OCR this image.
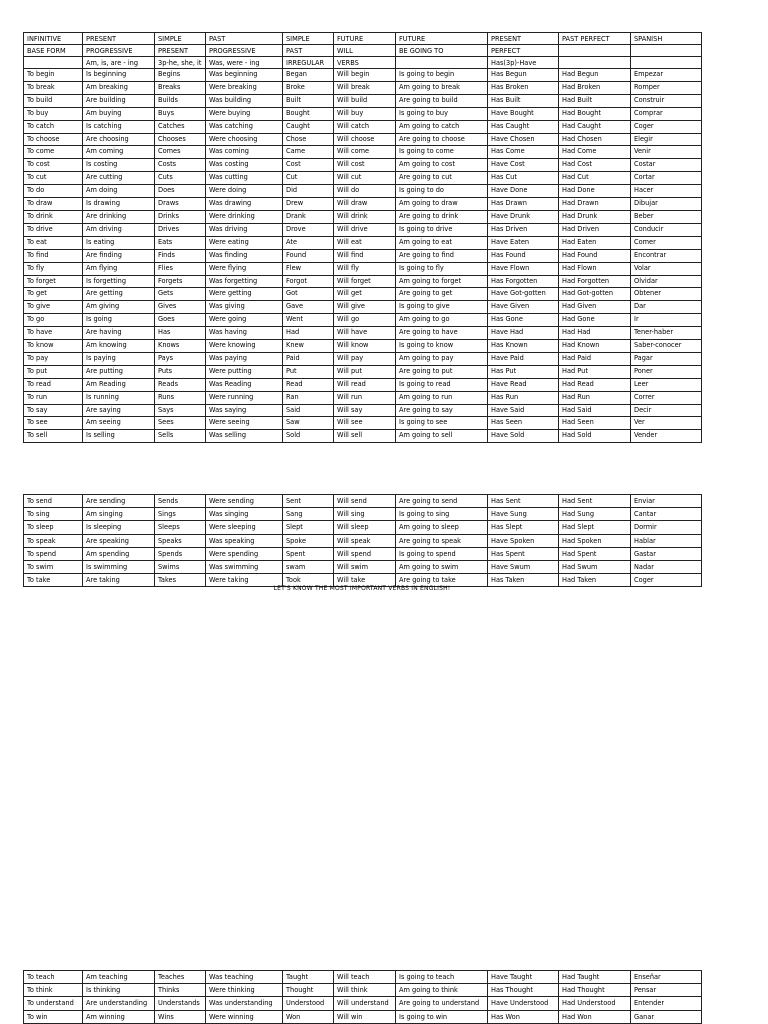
INFINITIVE	PRESENT	SIMPLE	PAST	SIMPLE	FUTURE	FUTURE	PRESENT	PAST PERFECT	SPANISH
BASE FORM	PROGRESSIVE	PRESENT	PROGRESSIVE	PAST	WILL	BE GOING TO	PERFECT		
	Am, is, are - ing	3p-he, she, it	Was, were - ing	IRREGULAR	VERBS		Has(3p)-Have		
To begin	Is beginning	Begins	Was beginning	Began	Will begin	Is going to begin	Has Begun	Had Begun	Empezar
To break	Am breaking	Breaks	Were breaking	Broke	Will break	Am going to break	Has Broken	Had Broken	Romper
To build	Are building	Builds	Was building	Built	Will build	Are going to build	Has Built	Had Built	Construir
To buy	Am buying	Buys	Were buying	Bought	Will buy	Is going to buy	Have Bought	Had Bought	Comprar
To catch	Is catching	Catches	Was catching	Caught	Will catch	Am going to catch	Has Caught	Had Caught	Coger
To choose	Are choosing	Chooses	Were choosing	Chose	Will choose	Are going to choose	Have Chosen	Had Chosen	Elegir
To come	Am coming	Comes	Was coming	Came	Will come	Is going to come	Has Come	Had Come	Venir
To cost	Is costing	Costs	Was costing	Cost	Will cost	Am going to cost	Have Cost	Had Cost	Costar
To cut	Are cutting	Cuts	Was cutting	Cut	Will cut	Are going to cut	Has Cut	Had Cut	Cortar
To do	Am doing	Does	Were doing	Did	Will do	Is going to do	Have Done	Had Done	Hacer
To draw	Is drawing	Draws	Was drawing	Drew	Will draw	Am going to draw	Has Drawn	Had Drawn	Dibujar
To drink	Are drinking	Drinks	Were drinking	Drank	Will drink	Are going to drink	Have Drunk	Had Drunk	Beber
To drive	Am driving	Drives	Was driving	Drove	Will drive	Is going to drive	Has Driven	Had Driven	Conducir
To eat	Is eating	Eats	Were eating	Ate	Will eat	Am going to eat	Have Eaten	Had Eaten	Comer
To find	Are finding	Finds	Was finding	Found	Will find	Are going to find	Has Found	Had Found	Encontrar
To fly	Am flying	Flies	Were flying	Flew	Will fly	Is going to fly	Have Flown	Had Flown	Volar
To forget	Is forgetting	Forgets	Was forgetting	Forgot	Will forget	Am going to forget	Has Forgotten	Had Forgotten	Olvidar
To get	Are getting	Gets	Were getting	Got	Will get	Are going to get	Have Got-gotten	Had Got-gotten	Obtener
To give	Am giving	Gives	Was giving	Gave	Will give	Is going to give	Have Given	Had Given	Dar
To go	Is going	Goes	Were going	Went	Will go	Am going to go	Has Gone	Had Gone	Ir
To have	Are having	Has	Was having	Had	Will have	Are going to have	Have Had	Had Had	Tener-haber
To know	Am knowing	Knows	Were knowing	Knew	Will know	Is going to know	Has Known	Had Known	Saber-conocer
To pay	Is paying	Pays	Was paying	Paid	Will pay	Am going to pay	Have Paid	Had Paid	Pagar
To put	Are putting	Puts	Were putting	Put	Will put	Are going to put	Has Put	Had Put	Poner
To read	Am Reading	Reads	Was Reading	Read	Will read	Is going to read	Have Read	Had Read	Leer
To run	Is running	Runs	Were running	Ran	Will run	Am going to run	Has Run	Had Run	Correr
To say	Are saying	Says	Was saying	Said	Will say	Are going to say	Have Said	Had Said	Decir
To see	Am seeing	Sees	Were seeing	Saw	Will see	Is going to see	Has Seen	Had Seen	Ver
To sell	Is selling	Sells	Was selling	Sold	Will sell	Am going to sell	Have Sold	Had Sold	Vender
To send	Are sending	Sends	Were sending	Sent	Will send	Are going to send	Has Sent	Had Sent	Enviar
To sing	Am singing	Sings	Was singing	Sang	Will sing	Is going to sing	Have Sung	Had Sung	Cantar
To sleep	Is sleeping	Sleeps	Were sleeping	Slept	Will sleep	Am going to sleep	Has Slept	Had Slept	Dormir
To speak	Are speaking	Speaks	Was speaking	Spoke	Will speak	Are going to speak	Have Spoken	Had Spoken	Hablar
To spend	Am spending	Spends	Were spending	Spent	Will spend	Is going to spend	Has Spent	Had Spent	Gastar
To swim	Is swimming	Swims	Was swimming	swam	Will swim	Am going to swim	Have Swum	Had Swum	Nadar
To take	Are taking	Takes	Were taking	Took	Will take	Are going to take	Has Taken	Had Taken	Coger
LET'S KNOW THE MOST IMPORTANT VERBS IN ENGLISH!
To teach	Am teaching	Teaches	Was teaching	Taught	Will teach	Is going to teach	Have Taught	Had Taught	Enseñar
To think	Is thinking	Thinks	Were thinking	Thought	Will think	Am going to think	Has Thought	Had Thought	Pensar
To understand	Are understanding	Understands	Was understanding	Understood	Will understand	Are going to understand	Have Understood	Had Understood	Entender
To win	Am winning	Wins	Were winning	Won	Will win	Is going to win	Has Won	Had Won	Ganar
